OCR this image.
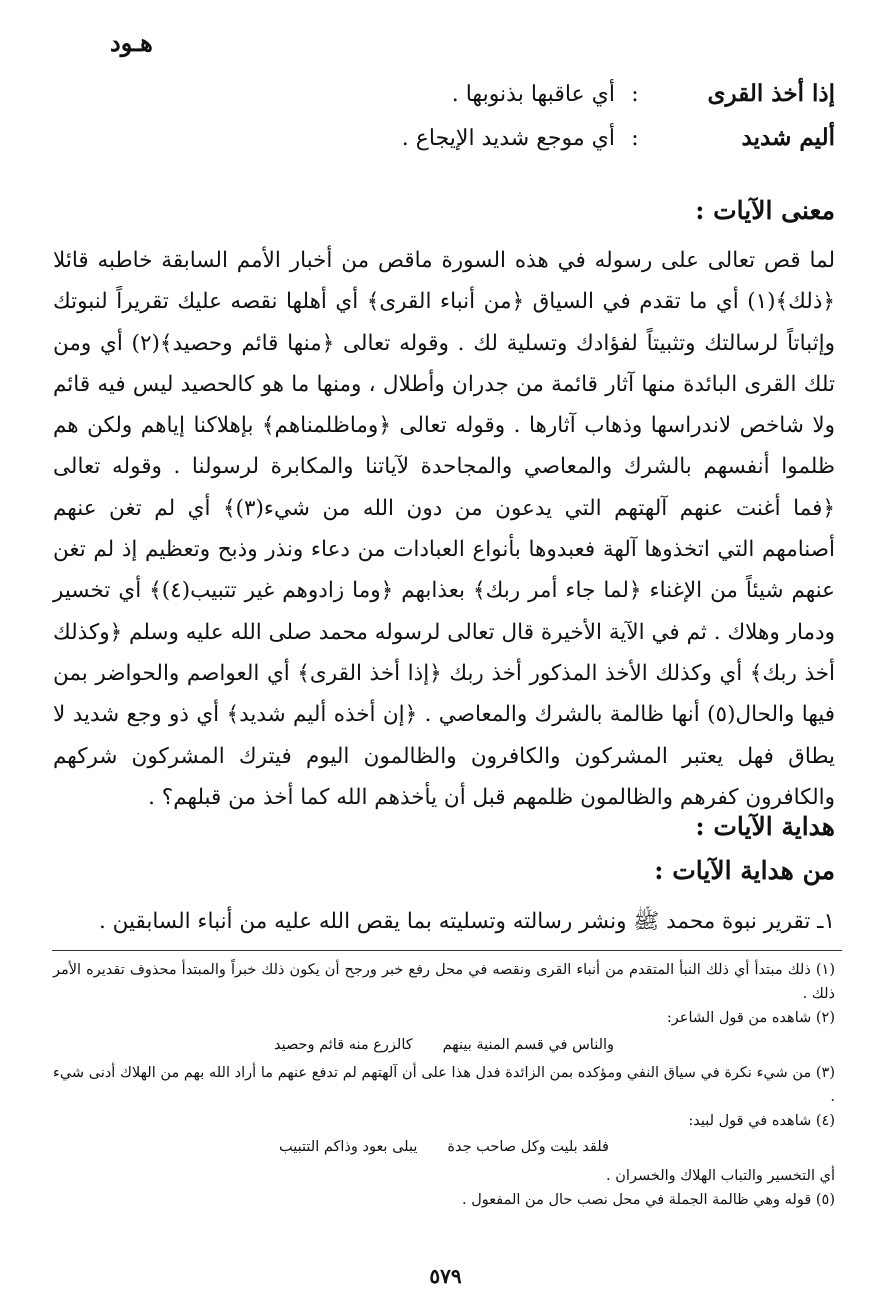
هـود
إذا أخذ القرى
:
أي عاقبها بذنوبها .
أليم شديد
:
أي موجع شديد الإيجاع .
معنى الآيات :

لما قص تعالى على رسوله في هذه السورة ماقص من أخبار الأمم السابقة خاطبه قائلا ﴿ذلك﴾(١) أي ما تقدم في السياق ﴿من أنباء القرى﴾ أي أهلها نقصه عليك تقريراً لنبوتك وإثباتاً لرسالتك وتثبيتاً لفؤادك وتسلية لك . وقوله تعالى ﴿منها قائم وحصيد﴾(٢) أي ومن تلك القرى البائدة منها آثار قائمة من جدران وأطلال ، ومنها ما هو كالحصيد ليس فيه قائم ولا شاخص لاندراسها وذهاب آثارها . وقوله تعالى ﴿وماظلمناهم﴾ بإهلاكنا إياهم ولكن هم ظلموا أنفسهم بالشرك والمعاصي والمجاحدة لآياتنا والمكابرة لرسولنا . وقوله تعالى ﴿فما أغنت عنهم آلهتهم التي يدعون من دون الله من شيء(٣)﴾ أي لم تغن عنهم أصنامهم التي اتخذوها آلهة فعبدوها بأنواع العبادات من دعاء ونذر وذبح وتعظيم إذ لم تغن عنهم شيئاً من الإغناء ﴿لما جاء أمر ربك﴾ بعذابهم ﴿وما زادوهم غير تتبيب(٤)﴾ أي تخسير ودمار وهلاك . ثم في الآية الأخيرة قال تعالى لرسوله محمد صلى الله عليه وسلم ﴿وكذلك أخذ ربك﴾ أي وكذلك الأخذ المذكور أخذ ربك ﴿إذا أخذ القرى﴾ أي العواصم والحواضر بمن فيها والحال(٥) أنها ظالمة بالشرك والمعاصي . ﴿إن أخذه أليم شديد﴾ أي ذو وجع شديد لا يطاق فهل يعتبر المشركون والكافرون والظالمون اليوم فيترك المشركون شركهم والكافرون كفرهم والظالمون ظلمهم قبل أن يأخذهم الله كما أخذ من قبلهم؟ .

هداية الآيات :
من هداية الآيات :
١ـ تقرير نبوة محمد ﷺ ونشر رسالته وتسليته بما يقص الله عليه من أنباء السابقين .

(١) ذلك مبتدأ أي ذلك النبأ المتقدم من أنباء القرى ونقصه في محل رفع خبر ورجح أن يكون ذلك خبراً والمبتدأ محذوف تقديره الأمر ذلك .

(٢) شاهده من قول الشاعر:

والناس في قسم المنية بينهم
كالزرع منه قائم وحصيد

(٣) من شيء نكرة في سياق النفي ومؤكده بمن الزائدة فدل هذا على أن آلهتهم لم تدفع عنهم ما أراد الله بهم من الهلاك أدنى شيء .

(٤) شاهده في قول لبيد:

فلقد بليت وكل صاحب جدة
يبلى بعود وذاكم التتبيب

أي التخسير والتباب الهلاك والخسران .

(٥) قوله وهي ظالمة الجملة في محل نصب حال من المفعول .

٥٧٩
